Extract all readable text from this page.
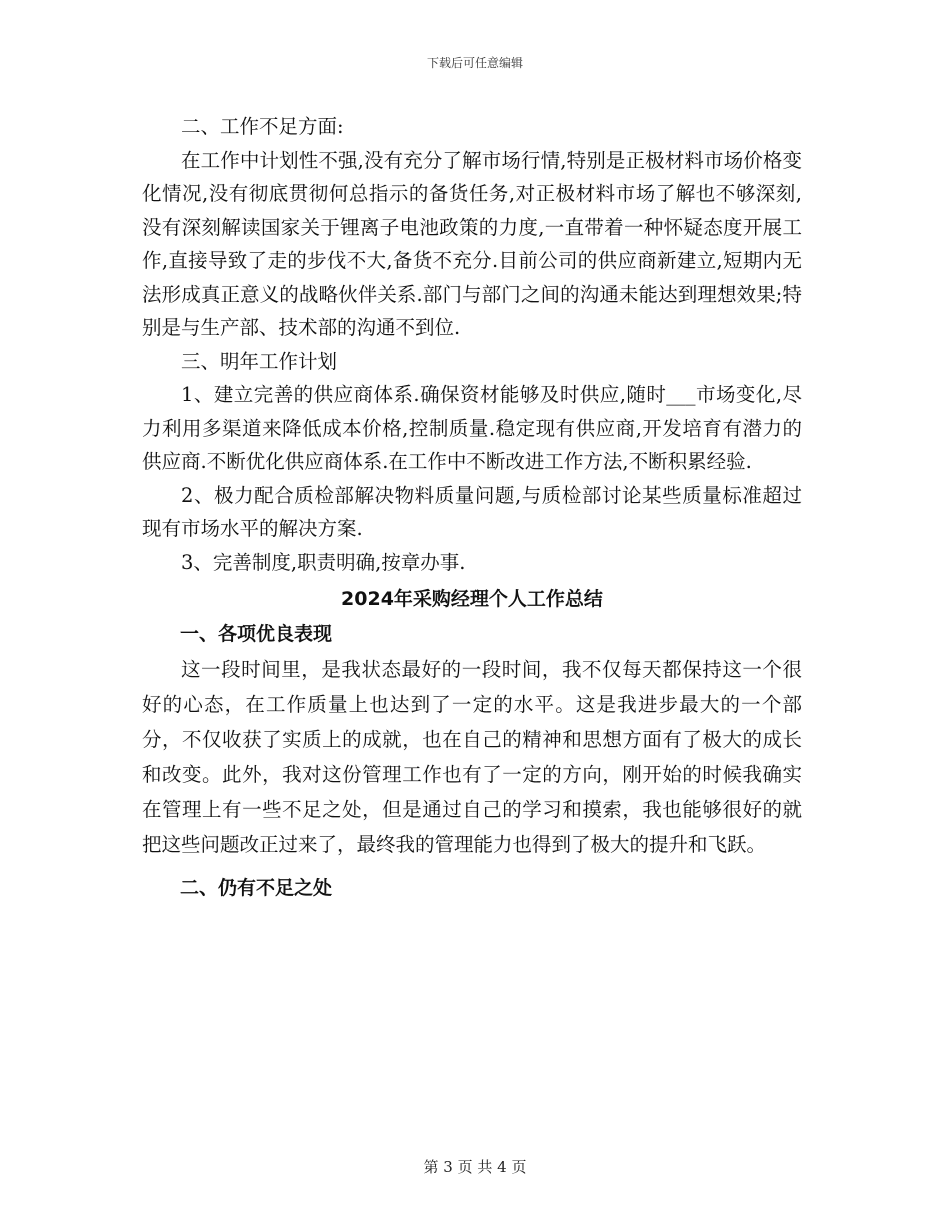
下载后可任意编辑

二、工作不足方面:

在工作中计划性不强,没有充分了解市场行情,特别是正极材料市场价格变化情况,没有彻底贯彻何总指示的备货任务,对正极材料市场了解也不够深刻,没有深刻解读国家关于锂离子电池政策的力度,一直带着一种怀疑态度开展工作,直接导致了走的步伐不大,备货不充分.目前公司的供应商新建立,短期内无法形成真正意义的战略伙伴关系.部门与部门之间的沟通未能达到理想效果;特别是与生产部、技术部的沟通不到位.

三、明年工作计划

1、建立完善的供应商体系.确保资材能够及时供应,随时___市场变化,尽力利用多渠道来降低成本价格,控制质量.稳定现有供应商,开发培育有潜力的供应商.不断优化供应商体系.在工作中不断改进工作方法,不断积累经验.

2、极力配合质检部解决物料质量问题,与质检部讨论某些质量标准超过现有市场水平的解决方案.

3、完善制度,职责明确,按章办事.

2024年采购经理个人工作总结

一、各项优良表现

这一段时间里，是我状态最好的一段时间，我不仅每天都保持这一个很好的心态，在工作质量上也达到了一定的水平。这是我进步最大的一个部分，不仅收获了实质上的成就，也在自己的精神和思想方面有了极大的成长和改变。此外，我对这份管理工作也有了一定的方向，刚开始的时候我确实在管理上有一些不足之处，但是通过自己的学习和摸索，我也能够很好的就把这些问题改正过来了，最终我的管理能力也得到了极大的提升和飞跃。

二、仍有不足之处

第 3 页 共 4 页
